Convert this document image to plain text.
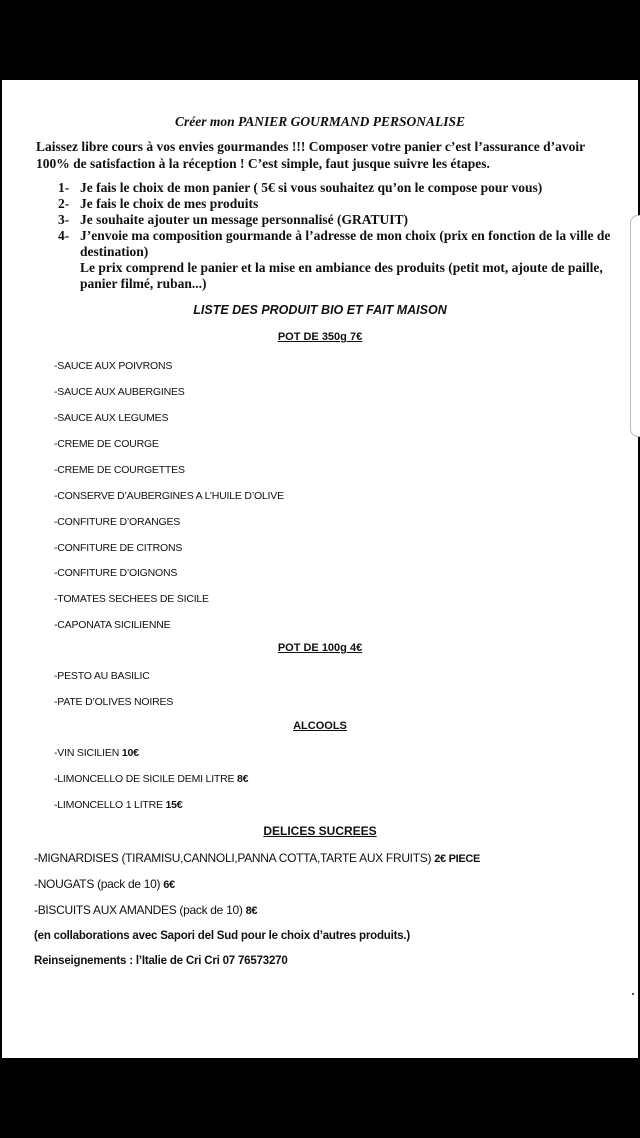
Créer mon PANIER GOURMAND PERSONALISE
Laissez libre cours à vos envies gourmandes !!! Composer votre panier c’est l’assurance d’avoir 100% de satisfaction à la réception ! C’est simple, faut jusque suivre les étapes.
1- Je fais le choix de mon panier ( 5€ si vous souhaitez qu’on le compose pour vous)
2- Je fais le choix de mes produits
3- Je souhaite ajouter un message personnalisé (GRATUIT)
4- J’envoie ma composition gourmande à l’adresse de mon choix (prix en fonction de la ville de destination)
Le prix comprend le panier et la mise en ambiance des produits (petit mot, ajoute de paille, panier filmé, ruban...)
LISTE DES PRODUIT BIO ET FAIT MAISON
POT DE 350g 7€
-SAUCE AUX POIVRONS
-SAUCE AUX AUBERGINES
-SAUCE AUX LEGUMES
-CREME DE COURGE
-CREME DE COURGETTES
-CONSERVE D’AUBERGINES A L’HUILE D’OLIVE
-CONFITURE D’ORANGES
-CONFITURE DE CITRONS
-CONFITURE D’OIGNONS
-TOMATES SECHEES DE SICILE
-CAPONATA SICILIENNE
POT DE 100g 4€
-PESTO AU BASILIC
-PATE D’OLIVES NOIRES
ALCOOLS
-VIN SICILIEN 10€
-LIMONCELLO DE SICILE DEMI LITRE 8€
-LIMONCELLO 1 LITRE 15€
DELICES SUCREES
-MIGNARDISES (TIRAMISU,CANNOLI,PANNA COTTA,TARTE AUX FRUITS) 2€ PIECE
-NOUGATS (pack de 10) 6€
-BISCUITS AUX AMANDES (pack de 10) 8€
(en collaborations avec Sapori del Sud pour le choix d’autres produits.)
Reinseignements : l’Italie de Cri Cri 07 76573270
